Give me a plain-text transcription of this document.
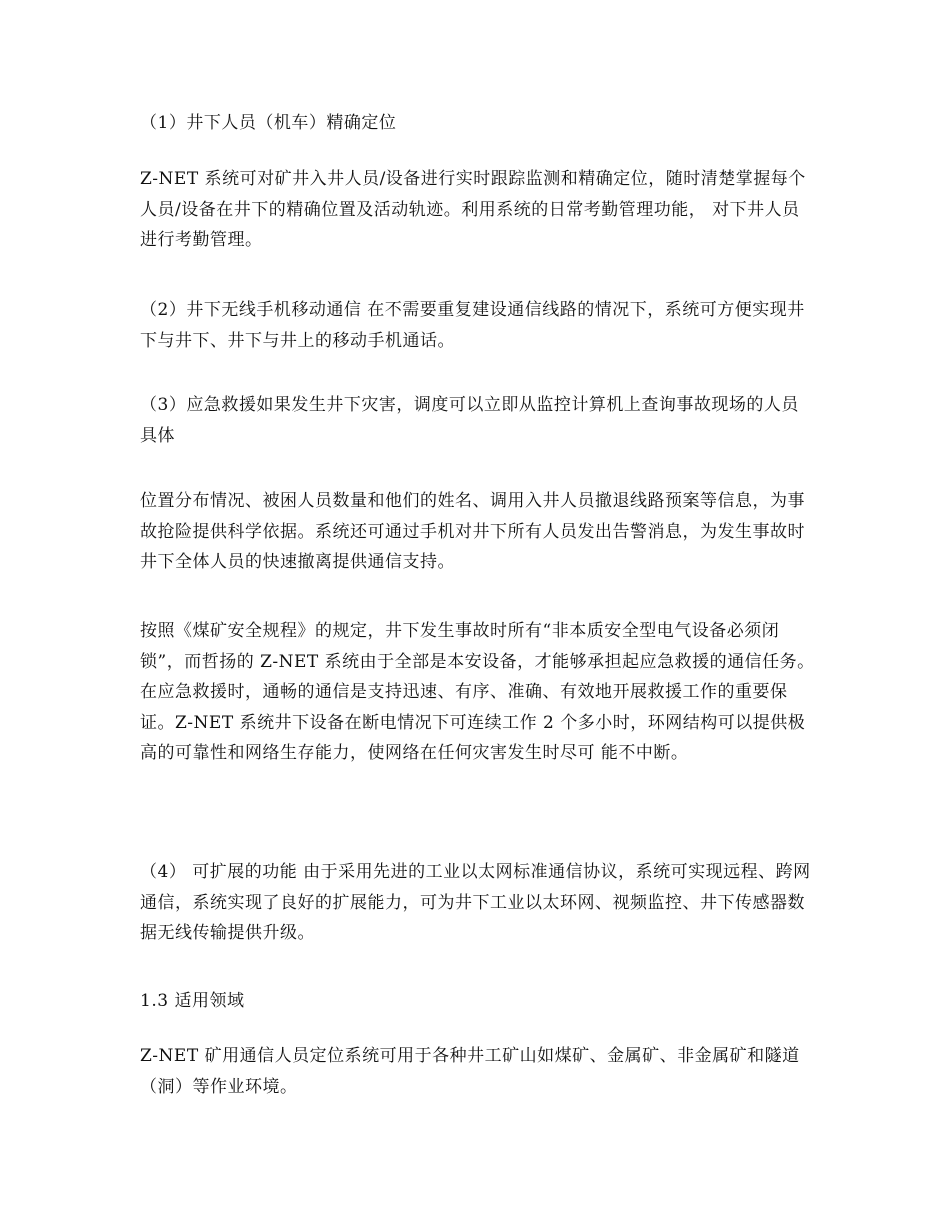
（1）井下人员（机车）精确定位

Z-NET 系统可对矿井入井人员/设备进行实时跟踪监测和精确定位，随时清楚掌握每个人员/设备在井下的精确位置及活动轨迹。利用系统的日常考勤管理功能， 对下井人员进行考勤管理。

（2）井下无线手机移动通信 在不需要重复建设通信线路的情况下，系统可方便实现井下与井下、井下与井上的移动手机通话。

（3）应急救援如果发生井下灾害，调度可以立即从监控计算机上查询事故现场的人员具体

位置分布情况、被困人员数量和他们的姓名、调用入井人员撤退线路预案等信息，为事故抢险提供科学依据。系统还可通过手机对井下所有人员发出告警消息，为发生事故时井下全体人员的快速撤离提供通信支持。

按照《煤矿安全规程》的规定，井下发生事故时所有“非本质安全型电气设备必须闭锁”，而哲扬的 Z-NET 系统由于全部是本安设备，才能够承担起应急救援的通信任务。在应急救援时，通畅的通信是支持迅速、有序、准确、有效地开展救援工作的重要保证。Z-NET 系统井下设备在断电情况下可连续工作 2 个多小时，环网结构可以提供极高的可靠性和网络生存能力，使网络在任何灾害发生时尽可 能不中断。

（4） 可扩展的功能 由于采用先进的工业以太网标准通信协议，系统可实现远程、跨网通信，系统实现了良好的扩展能力，可为井下工业以太环网、视频监控、井下传感器数据无线传输提供升级。

1.3 适用领域

Z-NET 矿用通信人员定位系统可用于各种井工矿山如煤矿、金属矿、非金属矿和隧道（洞）等作业环境。
